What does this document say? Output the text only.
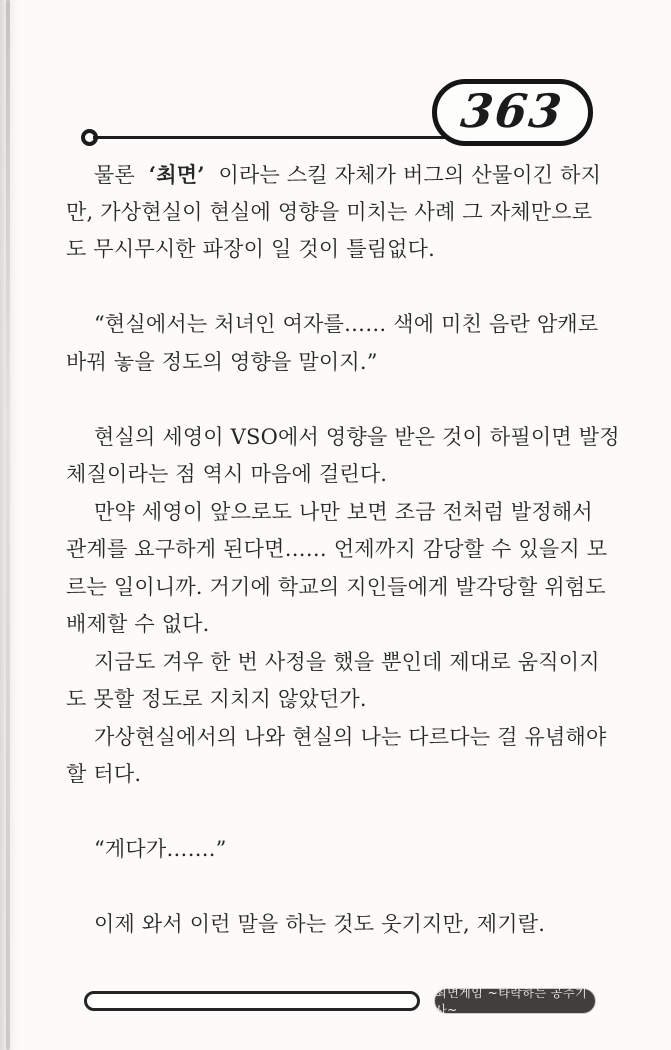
363
물론  ‘최면’  이라는 스킬 자체가 버그의 산물이긴 하지
만, 가상현실이 현실에 영향을 미치는 사례 그 자체만으로
도 무시무시한 파장이 일 것이 틀림없다.
“현실에서는 처녀인 여자를…… 색에 미친 음란 암캐로
바꿔 놓을 정도의 영향을 말이지.”
현실의 세영이 VSO에서 영향을 받은 것이 하필이면 발정
체질이라는 점 역시 마음에 걸린다.
만약 세영이 앞으로도 나만 보면 조금 전처럼 발정해서
관계를 요구하게 된다면…… 언제까지 감당할 수 있을지 모
르는 일이니까. 거기에 학교의 지인들에게 발각당할 위험도
배제할 수 없다.
지금도 겨우 한 번 사정을 했을 뿐인데 제대로 움직이지
도 못할 정도로 지치지 않았던가.
가상현실에서의 나와 현실의 나는 다르다는 걸 유념해야
할 터다.
“게다가…….”
이제 와서 이런 말을 하는 것도 웃기지만, 제기랄.
최면게임 ~타락하는 공주기사~
